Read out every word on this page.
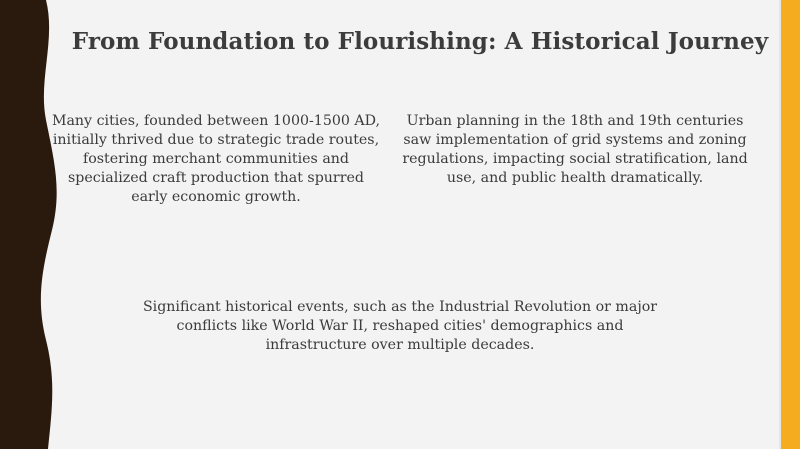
From Foundation to Flourishing: A Historical Journey
Many cities, founded between 1000-1500 AD, initially thrived due to strategic trade routes, fostering merchant communities and specialized craft production that spurred early economic growth.
Urban planning in the 18th and 19th centuries saw implementation of grid systems and zoning regulations, impacting social stratification, land use, and public health dramatically.
Significant historical events, such as the Industrial Revolution or major conflicts like World War II, reshaped cities' demographics and infrastructure over multiple decades.
